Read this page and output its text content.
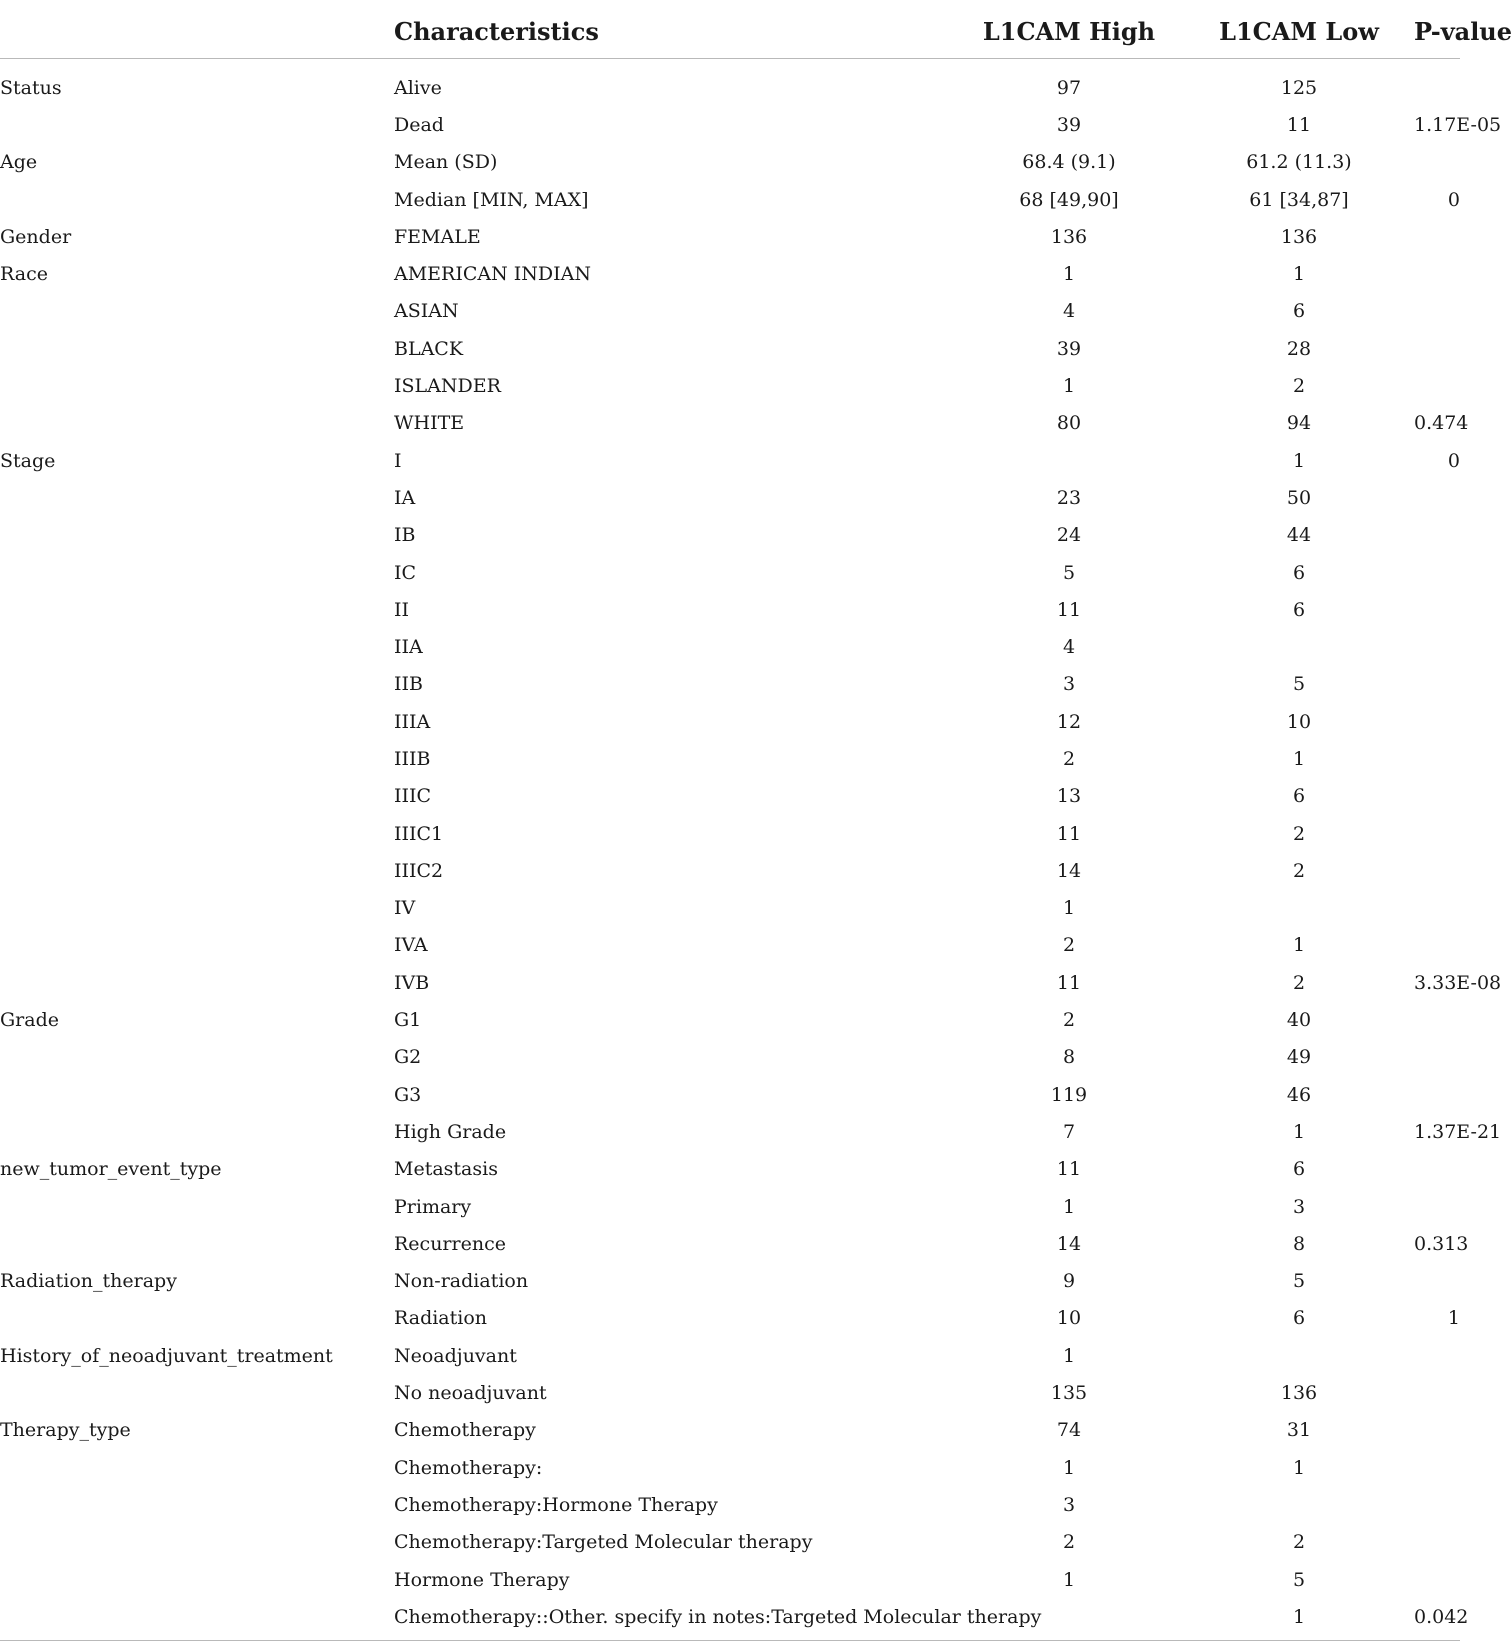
	Characteristics	L1CAM High	L1CAM Low	P-value
Status	Alive	97	125	
	Dead	39	11	1.17E-05
Age	Mean (SD)	68.4 (9.1)	61.2 (11.3)	
	Median [MIN, MAX]	68 [49,90]	61 [34,87]	0
Gender	FEMALE	136	136	
Race	AMERICAN INDIAN	1	1	
	ASIAN	4	6	
	BLACK	39	28	
	ISLANDER	1	2	
	WHITE	80	94	0.474
Stage	I		1	0
	IA	23	50	
	IB	24	44	
	IC	5	6	
	II	11	6	
	IIA	4		
	IIB	3	5	
	IIIA	12	10	
	IIIB	2	1	
	IIIC	13	6	
	IIIC1	11	2	
	IIIC2	14	2	
	IV	1		
	IVA	2	1	
	IVB	11	2	3.33E-08
Grade	G1	2	40	
	G2	8	49	
	G3	119	46	
	High Grade	7	1	1.37E-21
new_tumor_event_type	Metastasis	11	6	
	Primary	1	3	
	Recurrence	14	8	0.313
Radiation_therapy	Non-radiation	9	5	
	Radiation	10	6	1
History_of_neoadjuvant_treatment	Neoadjuvant	1		
	No neoadjuvant	135	136	
Therapy_type	Chemotherapy	74	31	
	Chemotherapy:	1	1	
	Chemotherapy:Hormone Therapy	3		
	Chemotherapy:Targeted Molecular therapy	2	2	
	Hormone Therapy	1	5	
	Chemotherapy::Other. specify in notes:Targeted Molecular therapy		1	0.042
